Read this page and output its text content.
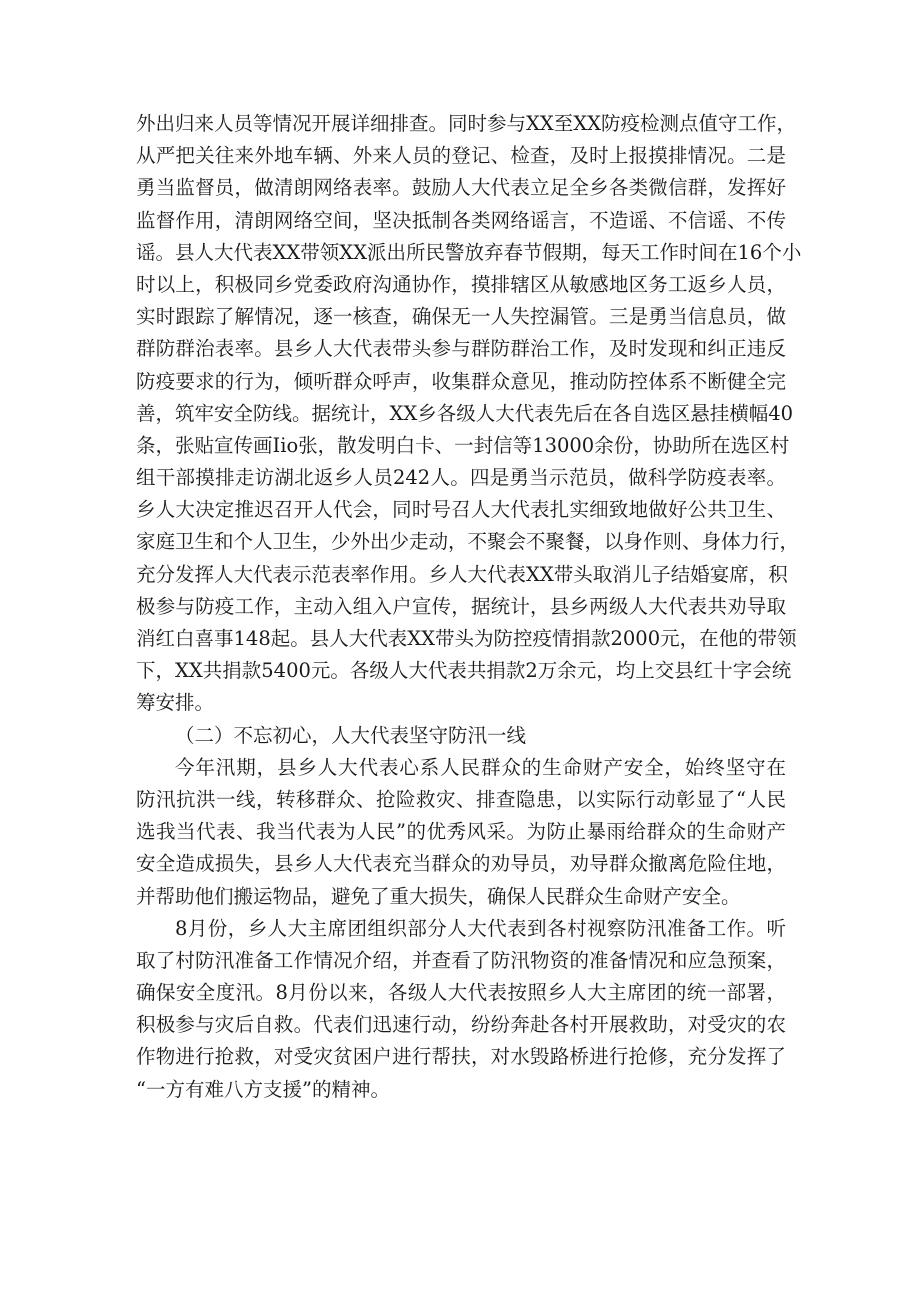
外出归来人员等情况开展详细排查。同时参与XX至XX防疫检测点值守工作，
从严把关往来外地车辆、外来人员的登记、检查，及时上报摸排情况。二是
勇当监督员，做清朗网络表率。鼓励人大代表立足全乡各类微信群，发挥好
监督作用，清朗网络空间，坚决抵制各类网络谣言，不造谣、不信谣、不传
谣。县人大代表XX带领XX派出所民警放弃春节假期，每天工作时间在16个小
时以上，积极同乡党委政府沟通协作，摸排辖区从敏感地区务工返乡人员，
实时跟踪了解情况，逐一核查，确保无一人失控漏管。三是勇当信息员，做
群防群治表率。县乡人大代表带头参与群防群治工作，及时发现和纠正违反
防疫要求的行为，倾听群众呼声，收集群众意见，推动防控体系不断健全完
善，筑牢安全防线。据统计，XX乡各级人大代表先后在各自选区悬挂横幅40
条，张贴宣传画Iio张，散发明白卡、一封信等13000余份，协助所在选区村
组干部摸排走访湖北返乡人员242人。四是勇当示范员，做科学防疫表率。
乡人大决定推迟召开人代会，同时号召人大代表扎实细致地做好公共卫生、
家庭卫生和个人卫生，少外出少走动，不聚会不聚餐，以身作则、身体力行，
充分发挥人大代表示范表率作用。乡人大代表XX带头取消儿子结婚宴席，积
极参与防疫工作，主动入组入户宣传，据统计，县乡两级人大代表共劝导取
消红白喜事148起。县人大代表XX带头为防控疫情捐款2000元，在他的带领
下，XX共捐款5400元。各级人大代表共捐款2万余元，均上交县红十字会统
筹安排。
（二）不忘初心，人大代表坚守防汛一线
今年汛期，县乡人大代表心系人民群众的生命财产安全，始终坚守在
防汛抗洪一线，转移群众、抢险救灾、排查隐患，以实际行动彰显了“人民
选我当代表、我当代表为人民”的优秀风采。为防止暴雨给群众的生命财产
安全造成损失，县乡人大代表充当群众的劝导员，劝导群众撤离危险住地，
并帮助他们搬运物品，避免了重大损失，确保人民群众生命财产安全。
8月份，乡人大主席团组织部分人大代表到各村视察防汛准备工作。听
取了村防汛准备工作情况介绍，并查看了防汛物资的准备情况和应急预案，
确保安全度汛。8月份以来，各级人大代表按照乡人大主席团的统一部署，
积极参与灾后自救。代表们迅速行动，纷纷奔赴各村开展救助，对受灾的农
作物进行抢救，对受灾贫困户进行帮扶，对水毁路桥进行抢修，充分发挥了
“一方有难八方支援”的精神。
